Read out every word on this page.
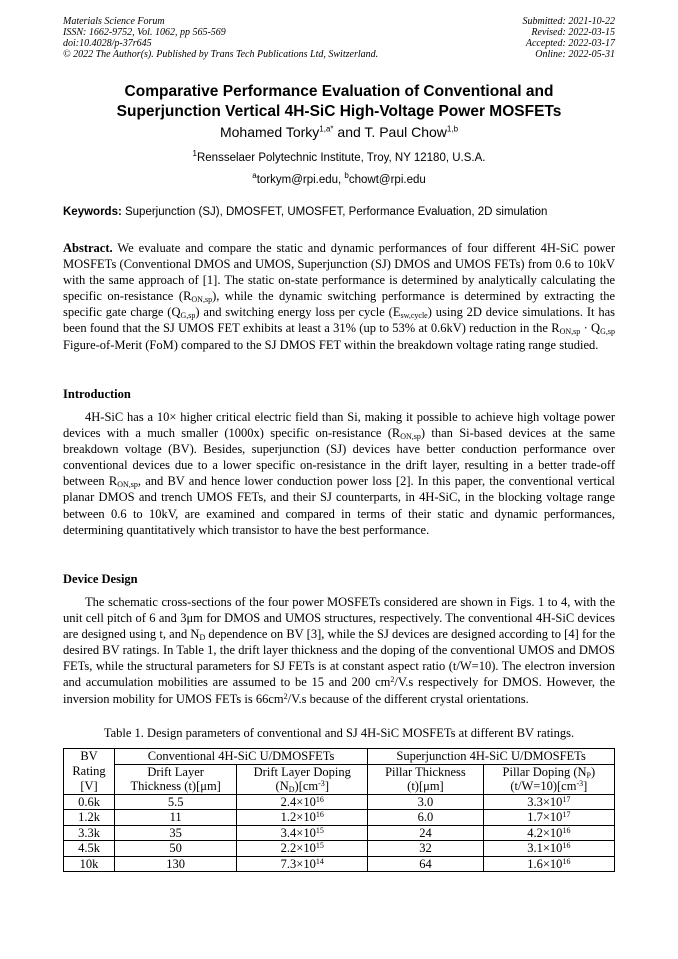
Materials Science Forum
ISSN: 1662-9752, Vol. 1062, pp 565-569
doi:10.4028/p-37r645
© 2022 The Author(s). Published by Trans Tech Publications Ltd, Switzerland.
Submitted: 2021-10-22
Revised: 2022-03-15
Accepted: 2022-03-17
Online: 2022-05-31
Comparative Performance Evaluation of Conventional and
Superjunction Vertical 4H-SiC High-Voltage Power MOSFETs
Mohamed Torky$^{1,a*}$ and T. Paul Chow$^{1,b}$
$^1$Rensselaer Polytechnic Institute, Troy, NY 12180, U.S.A.
$^a$torkym@rpi.edu, $^b$chowt@rpi.edu
Keywords: Superjunction (SJ), DMOSFET, UMOSFET, Performance Evaluation, 2D simulation
Abstract. We evaluate and compare the static and dynamic performances of four different 4H-SiC power MOSFETs (Conventional DMOS and UMOS, Superjunction (SJ) DMOS and UMOS FETs) from 0.6 to 10kV with the same approach of [1]. The static on-state performance is determined by analytically calculating the specific on-resistance $(R_{ON,sp})$, while the dynamic switching performance is determined by extracting the specific gate charge $(Q_{G,sp})$ and switching energy loss per cycle $(E_{sw,cycle})$ using 2D device simulations. It has been found that the SJ UMOS FET exhibits at least a 31% (up to 53% at 0.6kV) reduction in the $R_{ON,sp} \cdot Q_{G,sp}$ Figure-of-Merit (FoM) compared to the SJ DMOS FET within the breakdown voltage rating range studied.
Introduction
4H-SiC has a 10× higher critical electric field than Si, making it possible to achieve high voltage power devices with a much smaller (1000x) specific on-resistance $(R_{ON,sp})$ than Si-based devices at the same breakdown voltage (BV). Besides, superjunction (SJ) devices have better conduction performance over conventional devices due to a lower specific on-resistance in the drift layer, resulting in a better trade-off between $R_{ON,sp}$, and BV and hence lower conduction power loss [2]. In this paper, the conventional vertical planar DMOS and trench UMOS FETs, and their SJ counterparts, in 4H-SiC, in the blocking voltage range between 0.6 to 10kV, are examined and compared in terms of their static and dynamic performances, determining quantitatively which transistor to have the best performance.
Device Design
The schematic cross-sections of the four power MOSFETs considered are shown in Figs. 1 to 4, with the unit cell pitch of 6 and 3μm for DMOS and UMOS structures, respectively. The conventional 4H-SiC devices are designed using t, and $N_D$ dependence on BV [3], while the SJ devices are designed according to [4] for the desired BV ratings. In Table 1, the drift layer thickness and the doping of the conventional UMOS and DMOS FETs, while the structural parameters for SJ FETs is at constant aspect ratio (t/W=10). The electron inversion and accumulation mobilities are assumed to be 15 and 200 $cm^2/V.s$ respectively for DMOS. However, the inversion mobility for UMOS FETs is $66cm^2/V.s$ because of the different crystal orientations.
Table 1. Design parameters of conventional and SJ 4H-SiC MOSFETs at different BV ratings.
BV	Conventional 4H-SiC U/DMOSFETs		Superjunction 4H-SiC U/DMOSFETs	
Rating	Drift Layer	Drift Layer Doping	Pillar Thickness	Pillar Doping $(N_P)$
[V]	Thickness (t)[μm]	$(N_D)[cm^{-3}]$	(t)[μm]	$(t/W=10)[cm^{-3}]$
0.6k	5.5	$2.4\times 10^{16}$	3.0	$3.3\times 10^{17}$
1.2k	11	$1.2\times 10^{16}$	6.0	$1.7\times 10^{17}$
3.3k	35	$3.4\times 10^{15}$	24	$4.2\times 10^{16}$
4.5k	50	$2.2\times 10^{15}$	32	$3.1\times 10^{16}$
10k	130	$7.3\times 10^{14}$	64	$1.6\times 10^{16}$
